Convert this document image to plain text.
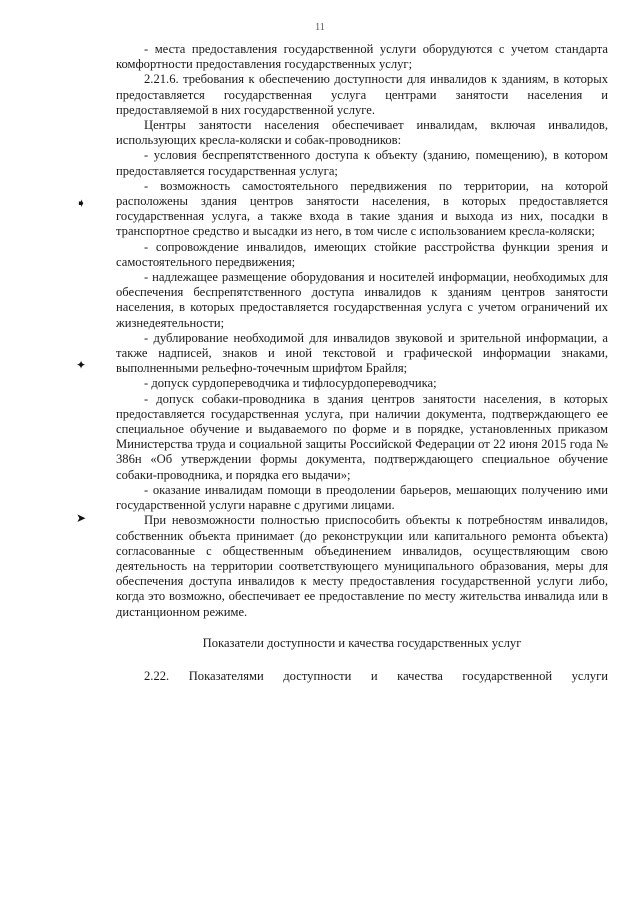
11
➧
✦
➤

- места предоставления государственной услуги оборудуются с учетом стандарта комфортности предоставления государственных услуг;

2.21.6. требования к обеспечению доступности для инвалидов к зданиям, в которых предоставляется государственная услуга центрами занятости населения и предоставляемой в них государственной услуге.

Центры занятости населения обеспечивает инвалидам, включая инвалидов, использующих кресла-коляски и собак-проводников:

- условия беспрепятственного доступа к объекту (зданию, помещению), в котором предоставляется государственная услуга;

- возможность самостоятельного передвижения по территории, на которой расположены здания центров занятости населения, в которых предоставляется государственная услуга, а также входа в такие здания и выхода из них, посадки в транспортное средство и высадки из него, в том числе с использованием кресла-коляски;

- сопровождение инвалидов, имеющих стойкие расстройства функции зрения и самостоятельного передвижения;

- надлежащее размещение оборудования и носителей информации, необходимых для обеспечения беспрепятственного доступа инвалидов к зданиям центров занятости населения, в которых предоставляется государственная услуга с учетом ограничений их жизнедеятельности;

- дублирование необходимой для инвалидов звуковой и зрительной информации, а также надписей, знаков и иной текстовой и графической информации знаками, выполненными рельефно-точечным шрифтом Брайля;

- допуск сурдопереводчика и тифлосурдопереводчика;

- допуск собаки-проводника в здания центров занятости населения, в которых предоставляется государственная услуга, при наличии документа, подтверждающего ее специальное обучение и выдаваемого по форме и в порядке, установленных приказом Министерства труда и социальной защиты Российской Федерации от 22 июня 2015 года № 386н «Об утверждении формы документа, подтверждающего специальное обучение собаки-проводника, и порядка его выдачи»;

- оказание инвалидам помощи в преодолении барьеров, мешающих получению ими государственной услуги наравне с другими лицами.

При невозможности полностью приспособить объекты к потребностям инвалидов, собственник объекта принимает (до реконструкции или капитального ремонта объекта) согласованные с общественным объединением инвалидов, осуществляющим свою деятельность на территории соответствующего муниципального образования, меры для обеспечения доступа инвалидов к месту предоставления государственной услуги либо, когда это возможно, обеспечивает ее предоставление по месту жительства инвалида или в дистанционном режиме.

Показатели доступности и качества государственных услуг

2.22. Показателями доступности и качества государственной услуги
